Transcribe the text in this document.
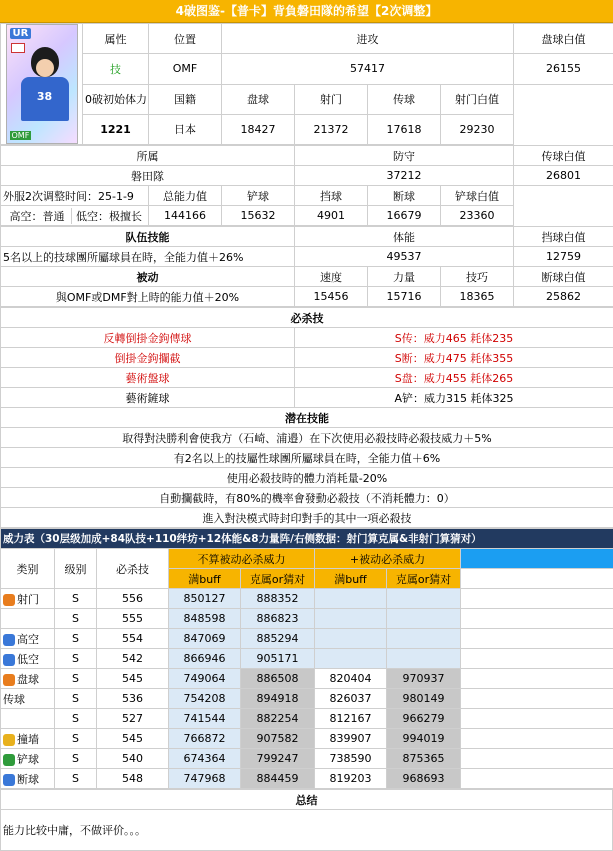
4破图鉴-【普卡】背負磐田隊的希望【2次调整】
UR
38
OMF	属性	位置	进攻				盘球白值
	技	OMF	57417				26155
	0破初始体力	国籍	盘球	射门	传球	射门白值	
	1221	日本	18427	21372	17618	29230	
所属			防守			传球白值
磐田隊			37212			26801
外服2次调整时间：25-1-9	总能力值	铲球	挡球	断球	铲球白值	
高空：普通 低空：极擅长	144166	15632	4901	16679	23360	
队伍技能	体能			挡球白值
5名以上的技球團所屬球員在時，全能力值＋26%	49537			12759
被动	速度	力量	技巧	断球白值
與OMF或DMF對上時的能力值＋20%	15456	15716	18365	25862
必杀技	
反轉倒掛金鉤傳球	S传：威力465 耗体235
倒掛金鉤攔截	S断：威力475 耗体355
藝術盤球	S盘：威力455 耗体265
藝術鏟球	A铲：威力315 耗体325
潜在技能	
取得對決勝利會使我方（石崎、浦邉）在下次使用必殺技時必殺技威力＋5%	
有2名以上的技屬性球團所屬球員在時，全能力值＋6%	
使用必殺技時的體力消耗量-20%	
自動攔截時，有80%的機率會發動必殺技（不消耗體力：0）	
進入對決模式時封印對手的其中一項必殺技	
威力表（30层级加成+84队技+110绊坊+12体能&8力量阵/右侧数据：射门算克属&非射门算猜对）							
类别	级别	必杀技	不算被动必杀威力		+被动必杀威力		
			满buff	克属or猜对	满buff	克属or猜对	
射门	S	556	850127	888352			
	S	555	848598	886823			
高空	S	554	847069	885294			
低空	S	542	866946	905171			
盘球	S	545	749064	886508	820404	970937	
传球	S	536	754208	894918	826037	980149	
	S	527	741544	882254	812167	966279	
撞墙	S	545	766872	907582	839907	994019	
铲球	S	540	674364	799247	738590	875365	
断球	S	548	747968	884459	819203	968693	
总结
能力比较中庸，不做评价。。。
